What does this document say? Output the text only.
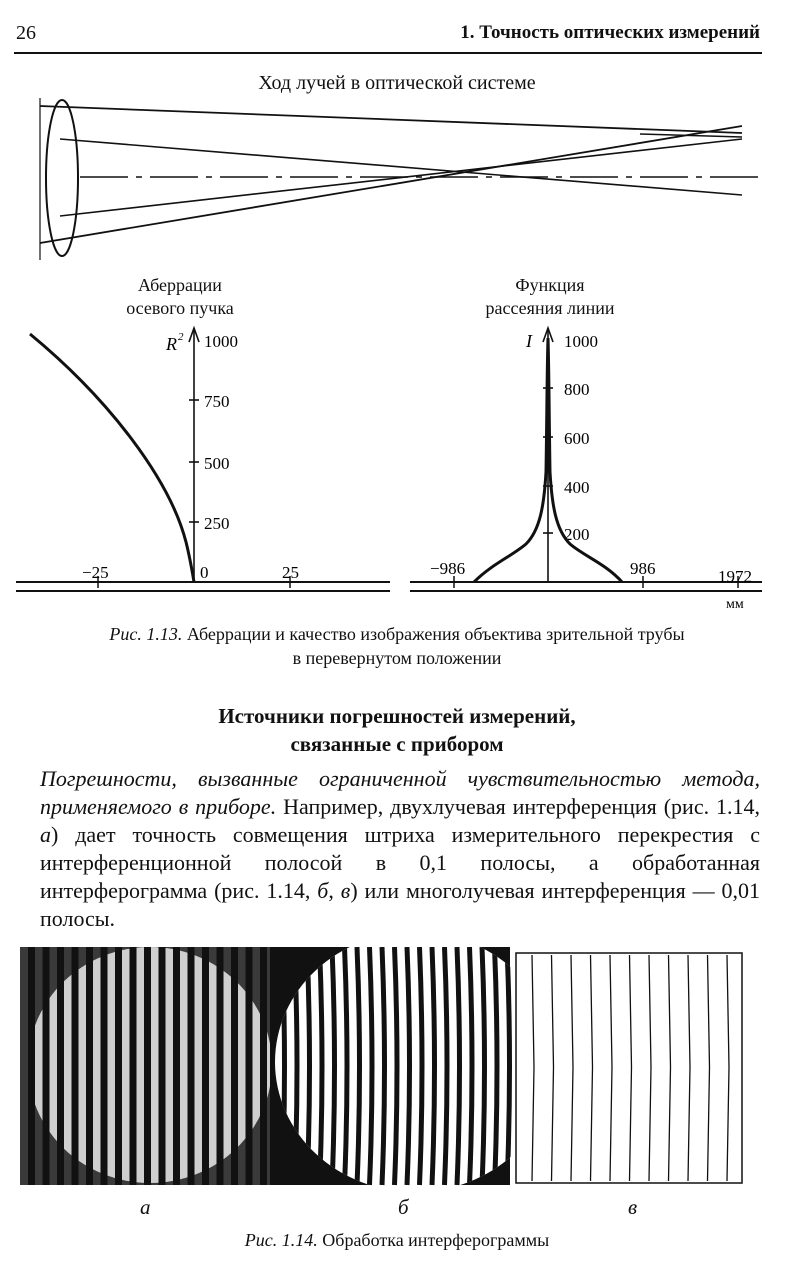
26	1. Точность оптических измерений
Ход лучей в оптической системе
Аберрации
осевого пучка
R 2 1000
750
500
250
−25	0	25
Функция
рассеяния линии
I 1000
800
600
400
200
−986	986	1972
мм
Рис. 1.13. Аберрации и качество изображения объектива зрительной трубы
в перевернутом положении
Источники погрешностей измерений,
связанные с прибором
Погрешности, вызванные ограниченной чувствительностью метода, применяемого в приборе. Например, двухлучевая интерференция (рис. 1.14, а) дает точность совмещения штриха измерительного перекрестия с интерференционной полосой в 0,1 полосы, а обработанная интерферограмма (рис. 1.14, б, в) или многолучевая интерференция — 0,01 полосы.
а	б	в
Рис. 1.14. Обработка интерферограммы
